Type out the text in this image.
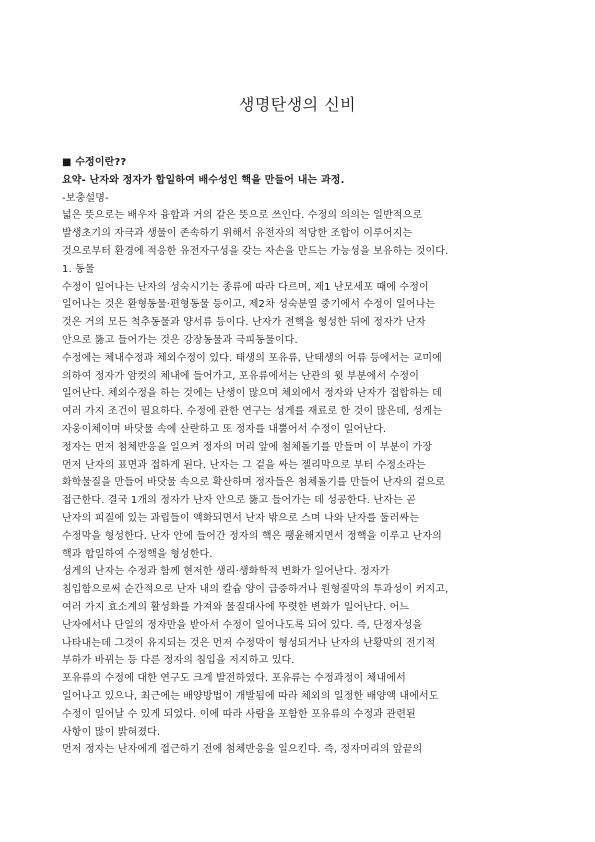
생명탄생의 신비
■ 수정이란??
요약- 난자와 정자가 합일하여 배수성인 핵을 만들어 내는 과정.
-보충설명-
넓은 뜻으로는 배우자 융합과 거의 같은 뜻으로 쓰인다. 수정의 의의는 일반적으로
발생초기의 자극과 생물이 존속하기 위해서 유전자의 적당한 조합이 이루어지는
것으로부터 환경에 적응한 유전자구성을 갖는 자손을 만드는 가능성을 보유하는 것이다.
1. 동물
수정이 일어나는 난자의 성숙시기는 종류에 따라 다르며, 제1 난모세포 때에 수정이
일어나는 것은 환형동물·편형동물 등이고, 제2차 성숙분열 중기에서 수정이 일어나는
것은 거의 모든 척추동물과 양서류 등이다. 난자가 전핵을 형성한 뒤에 정자가 난자
안으로 뚫고 들어가는 것은 강장동물과 극피동물이다.
수정에는 체내수정과 체외수정이 있다. 태생의 포유류, 난태생의 어류 등에서는 교미에
의하여 정자가 암컷의 체내에 들어가고, 포유류에서는 난관의 윗 부분에서 수정이
일어난다. 체외수정을 하는 것에는 난생이 많으며 체외에서 정자와 난자가 접합하는 데
여러 가지 조건이 필요하다. 수정에 관한 연구는 성게를 재료로 한 것이 많은데, 성게는
자웅이체이며 바닷물 속에 산란하고 또 정자를 내뿜어서 수정이 일어난다.
정자는 먼저 첨체반응을 일으켜 정자의 머리 앞에 첨체돌기를 만들며 이 부분이 가장
먼저 난자의 표면과 접하게 된다. 난자는 그 겉을 싸는 젤리막으로 부터 수정소라는
화학물질을 만들어 바닷물 속으로 확산하며 정자들은 첨체돌기를 만들어 난자의 겉으로
접근한다. 결국 1개의 정자가 난자 안으로 뚫고 들어가는 데 성공한다. 난자는 곧
난자의 피질에 있는 과립들이 액화되면서 난자 밖으로 스며 나와 난자를 둘러싸는
수정막을 형성한다. 난자 안에 들어간 정자의 핵은 팽윤해지면서 정핵을 이루고 난자의
핵과 합일하여 수정핵을 형성한다.
성게의 난자는 수정과 함께 현저한 생리·생화학적 변화가 일어난다. 정자가
침입함으로써 순간적으로 난자 내의 칼슘 양이 급증하거나 원형질막의 투과성이 커지고,
여러 가지 효소계의 활성화를 가져와 물질대사에 뚜렷한 변화가 일어난다. 어느
난자에서나 단일의 정자만을 받아서 수정이 일어나도록 되어 있다. 즉, 단정자성을
나타내는데 그것이 유지되는 것은 먼저 수정막이 형성되거나 난자의 난황막의 전기적
부하가 바뀌는 등 다른 정자의 침입을 저지하고 있다.
포유류의 수정에 대한 연구도 크게 발전하였다. 포유류는 수정과정이 체내에서
일어나고 있으나, 최근에는 배양방법이 개발됨에 따라 체외의 일정한 배양액 내에서도
수정이 일어날 수 있게 되었다. 이에 따라 사람을 포함한 포유류의 수정과 관련된
사항이 많이 밝혀졌다.
먼저 정자는 난자에게 접근하기 전에 첨체반응을 일으킨다. 즉, 정자머리의 앞끝의
